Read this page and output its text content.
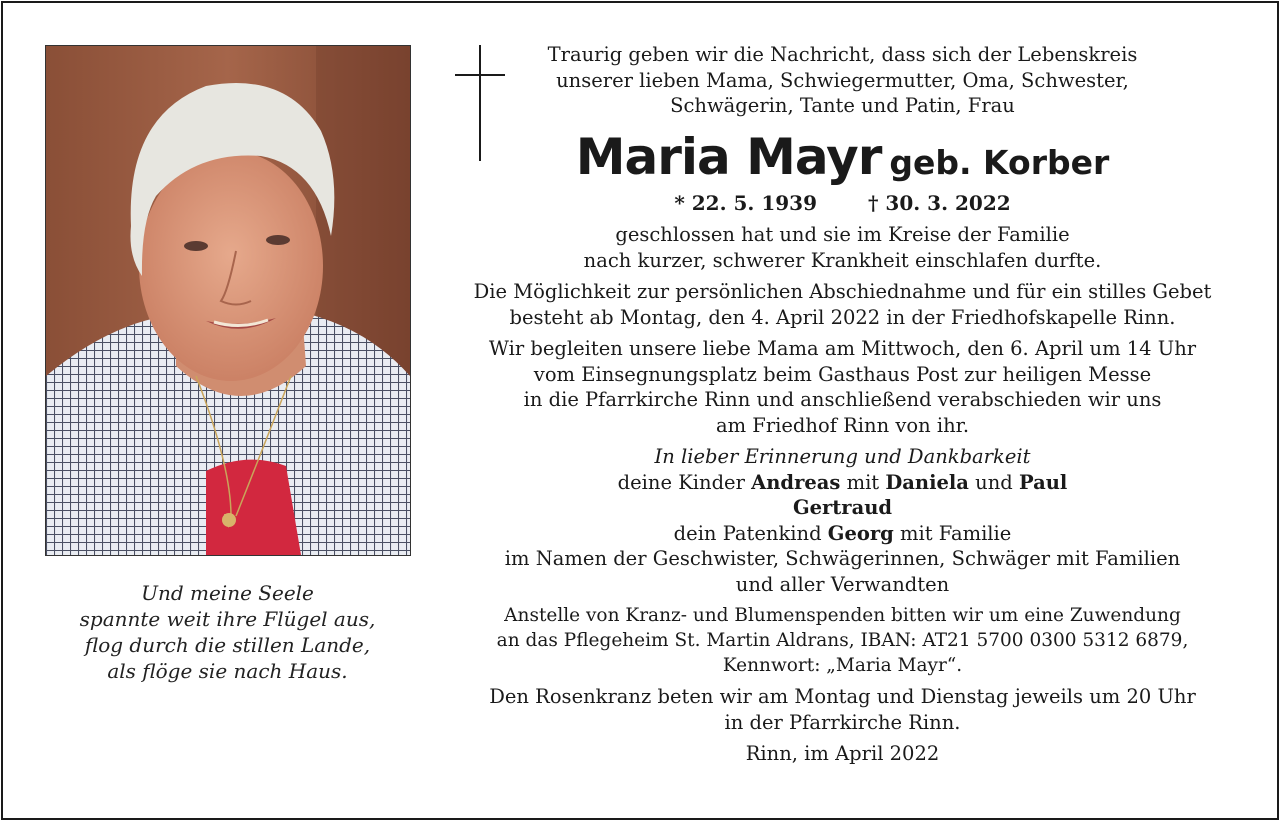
Und meine Seele
spannte weit ihre Flügel aus,
flog durch die stillen Lande,
als flöge sie nach Haus.
Traurig geben wir die Nachricht, dass sich der Lebenskreis
unserer lieben Mama, Schwiegermutter, Oma, Schwester,
Schwägerin, Tante und Patin, Frau
Maria Mayr geb. Korber
* 22. 5. 1939	† 30. 3. 2022
geschlossen hat und sie im Kreise der Familie
nach kurzer, schwerer Krankheit einschlafen durfte.
Die Möglichkeit zur persönlichen Abschiednahme und für ein stilles Gebet
besteht ab Montag, den 4. April 2022 in der Friedhofskapelle Rinn.
Wir begleiten unsere liebe Mama am Mittwoch, den 6. April um 14 Uhr
vom Einsegnungsplatz beim Gasthaus Post zur heiligen Messe
in die Pfarrkirche Rinn und anschließend verabschieden wir uns
am Friedhof Rinn von ihr.
In lieber Erinnerung und Dankbarkeit
deine Kinder Andreas mit Daniela und Paul
Gertraud
dein Patenkind Georg mit Familie
im Namen der Geschwister, Schwägerinnen, Schwäger mit Familien
und aller Verwandten
Anstelle von Kranz- und Blumenspenden bitten wir um eine Zuwendung
an das Pflegeheim St. Martin Aldrans, IBAN: AT21 5700 0300 5312 6879,
Kennwort: „Maria Mayr“.
Den Rosenkranz beten wir am Montag und Dienstag jeweils um 20 Uhr
in der Pfarrkirche Rinn.
Rinn, im April 2022
